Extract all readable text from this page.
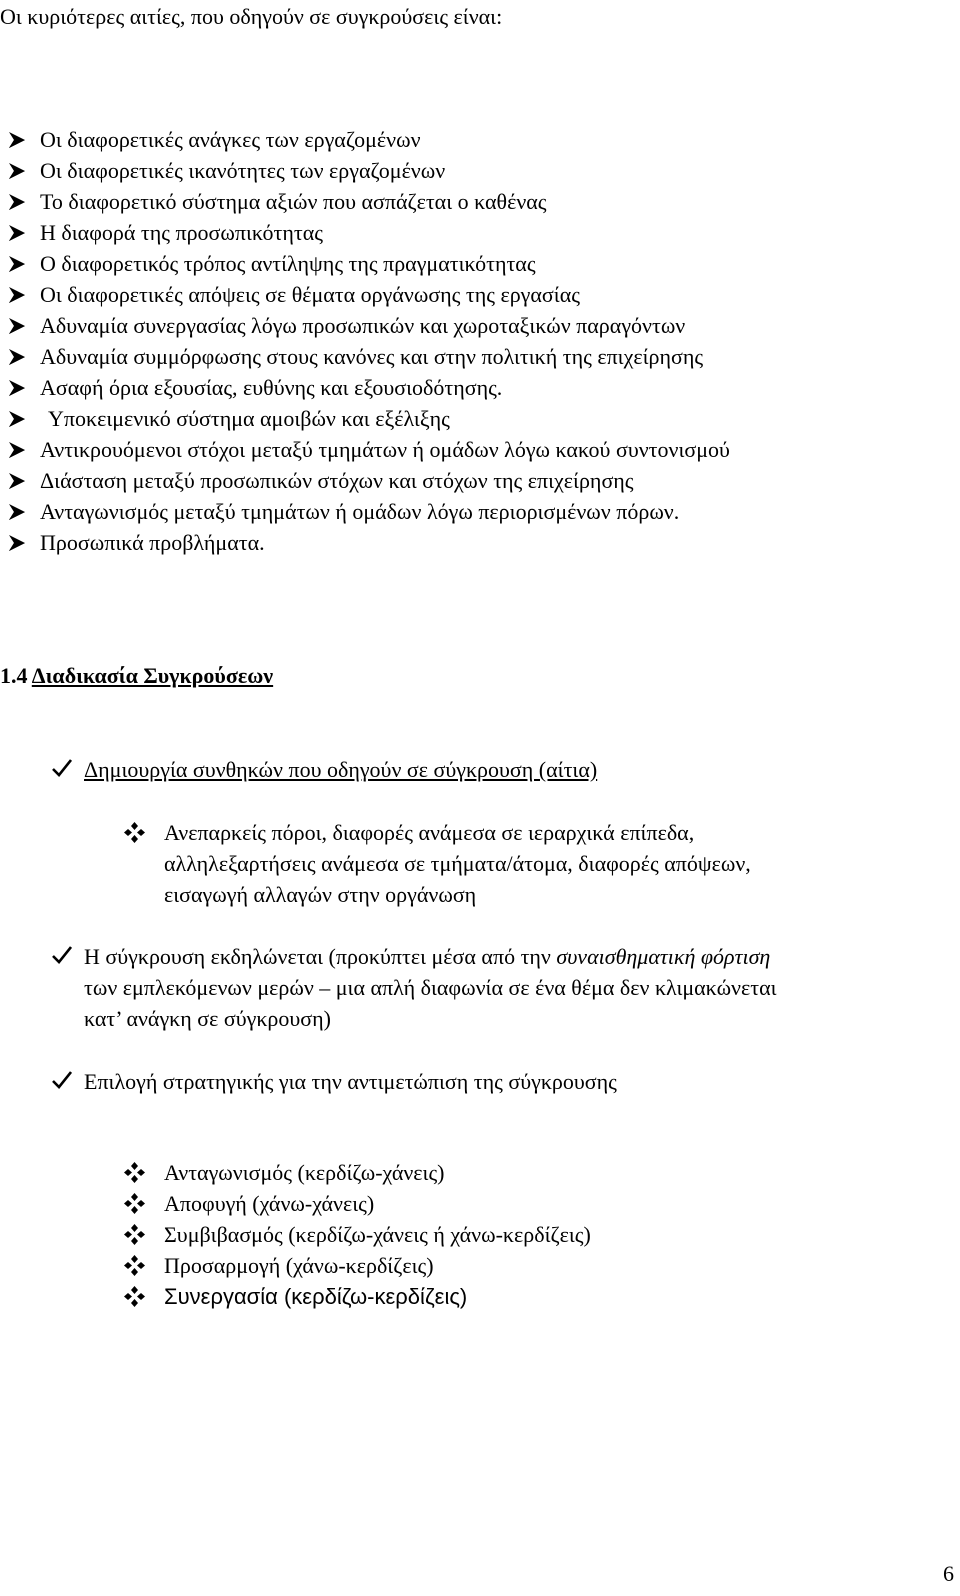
Οι κυριότερες αιτίες, που οδηγούν σε συγκρούσεις είναι:
Οι διαφορετικές ανάγκες των εργαζομένων
Οι διαφορετικές ικανότητες των εργαζομένων
Το διαφορετικό σύστημα αξιών που ασπάζεται ο καθένας
Η διαφορά της προσωπικότητας
Ο διαφορετικός τρόπος αντίληψης της πραγματικότητας
Οι διαφορετικές απόψεις σε θέματα οργάνωσης της εργασίας
Αδυναμία συνεργασίας λόγω προσωπικών και χωροταξικών παραγόντων
Αδυναμία συμμόρφωσης στους κανόνες και στην πολιτική της επιχείρησης
Ασαφή όρια εξουσίας, ευθύνης και εξουσιοδότησης.
Υποκειμενικό σύστημα αμοιβών και εξέλιξης
Αντικρουόμενοι στόχοι μεταξύ τμημάτων ή ομάδων λόγω κακού συντονισμού
Διάσταση μεταξύ προσωπικών στόχων και στόχων της επιχείρησης
Ανταγωνισμός μεταξύ τμημάτων ή ομάδων λόγω περιορισμένων πόρων.
Προσωπικά προβλήματα.
1.4 Διαδικασία Συγκρούσεων
Δημιουργία συνθηκών που οδηγούν σε σύγκρουση (αίτια)
Ανεπαρκείς πόροι, διαφορές ανάμεσα σε ιεραρχικά επίπεδα,
αλληλεξαρτήσεις ανάμεσα σε τμήματα/άτομα, διαφορές απόψεων,
εισαγωγή αλλαγών στην οργάνωση
Η σύγκρουση εκδηλώνεται (προκύπτει μέσα από την συναισθηματική φόρτιση
των εμπλεκόμενων μερών – μια απλή διαφωνία σε ένα θέμα δεν κλιμακώνεται
κατ’ ανάγκη σε σύγκρουση)
Επιλογή στρατηγικής για την αντιμετώπιση της σύγκρουσης
Ανταγωνισμός (κερδίζω-χάνεις)
Αποφυγή (χάνω-χάνεις)
Συμβιβασμός (κερδίζω-χάνεις ή χάνω-κερδίζεις)
Προσαρμογή (χάνω-κερδίζεις)
Συνεργασία (κερδίζω-κερδίζεις)
6
